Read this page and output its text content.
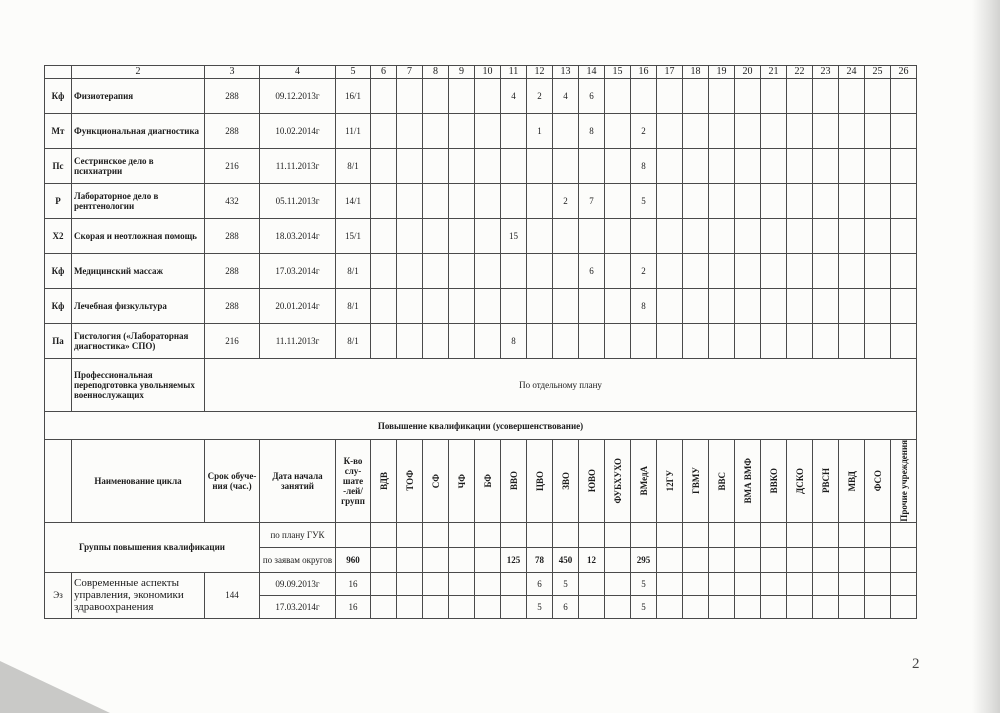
	2	3	4	5	6	7	8	9	10	11	12	13	14	15	16	17	18	19	20	21	22	23	24	25	26
Кф	Физиотерапия	288	09.12.2013г	16/1						4	2	4	6												
Мт	Функциональная диагностика	288	10.02.2014г	11/1							1		8		2										
Пс	Сестринское дело в психиатрии	216	11.11.2013г	8/1											8										
Р	Лабораторное дело в рентгенологии	432	05.11.2013г	14/1								2	7		5										
Х2	Скорая и неотложная помощь	288	18.03.2014г	15/1						15															
Кф	Медицинский массаж	288	17.03.2014г	8/1									6		2										
Кф	Лечебная физкультура	288	20.01.2014г	8/1											8										
Па	Гистология («Лабораторная диагностика» СПО)	216	11.11.2013г	8/1						8															
	Профессиональная переподготовка увольняемых военнослужащих	По отдельному плану																							
Повышение квалификации (усовершенствование)																									
	Наименование цикла	Срок обуче-ния (час.)	Дата начала занятий	К-во слу-шате -лей/ групп	ВДВ	ТОФ	СФ	ЧФ	БФ	ВВО	ЦВО	ЗВО	ЮВО	ФУБХУХО	ВМедА	12ГУ	ГВМУ	ВВС	ВМА ВМФ	ВВКО	ДСКО	РВСН	МВД	ФСО	Прочие учреждения

Группы повышения квалификации			по плану ГУК																						
			по заявам округов	960						125	78	450	12		295										
Эз	Современные аспекты управления, экономики здравоохранения	144	09.09.2013г	16							6	5			5										
			17.03.2014г	16							5	6			5										
2
